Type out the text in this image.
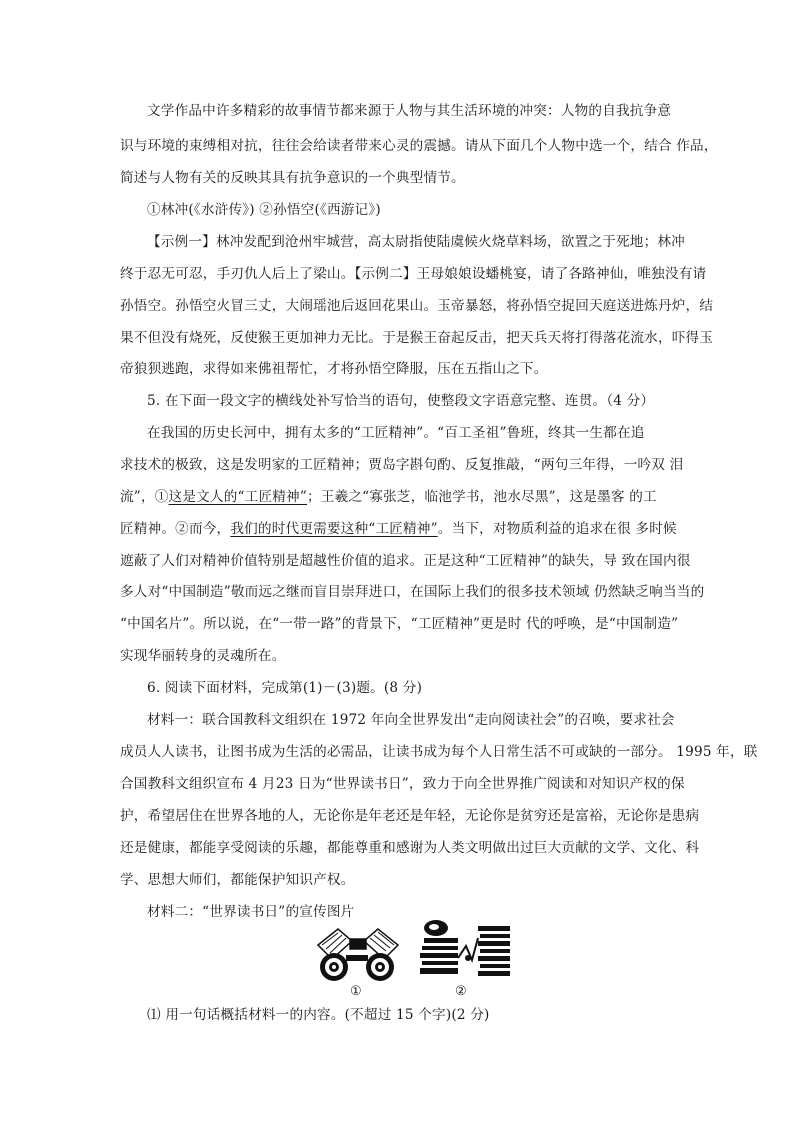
文学作品中许多精彩的故事情节都来源于人物与其生活环境的冲突：人物的自我抗争意
识与环境的束缚相对抗，往往会给读者带来心灵的震撼。请从下面几个人物中选一个，结合 作品，
简述与人物有关的反映其具有抗争意识的一个典型情节。
①林冲(《水浒传》) ②孙悟空(《西游记》)
【示例一】林冲发配到沧州牢城营，高太尉指使陆虞候火烧草料场，欲置之于死地；林冲
终于忍无可忍，手刃仇人后上了梁山。【示例二】王母娘娘设蟠桃宴，请了各路神仙，唯独没有请
孙悟空。孙悟空火冒三丈，大闹瑶池后返回花果山。玉帝暴怒，将孙悟空捉回天庭送进炼丹炉，结
果不但没有烧死，反使猴王更加神力无比。于是猴王奋起反击，把天兵天将打得落花流水，吓得玉
帝狼狈逃跑，求得如来佛祖帮忙，才将孙悟空降服，压在五指山之下。
5. 在下面一段文字的横线处补写恰当的语句，使整段文字语意完整、连贯。（4 分）
在我国的历史长河中，拥有太多的“工匠精神”。“百工圣祖”鲁班，终其一生都在追
求技术的极致，这是发明家的工匠精神；贾岛字斟句酌、反复推敲，“两句三年得，一吟双 泪
流”，①这是文人的“工匠精神”；王羲之“寡张芝，临池学书，池水尽黑”，这是墨客 的工
匠精神。②而今，我们的时代更需要这种“工匠精神”。当下，对物质利益的追求在很 多时候
遮蔽了人们对精神价值特别是超越性价值的追求。正是这种“工匠精神”的缺失，导 致在国内很
多人对“中国制造”敬而远之继而盲目崇拜进口，在国际上我们的很多技术领域 仍然缺乏响当当的
“中国名片”。所以说，在“一带一路”的背景下，“工匠精神”更是时 代的呼唤，是“中国制造”
实现华丽转身的灵魂所在。
6. 阅读下面材料，完成第(1)－(3)题。(8 分)
材料一：联合国教科文组织在 1972 年向全世界发出“走向阅读社会”的召唤，要求社会
成员人人读书，让图书成为生活的必需品，让读书成为每个人日常生活不可或缺的一部分。 1995 年，联
合国教科文组织宣布 4 月23 日为“世界读书日”，致力于向全世界推广阅读和对知识产权的保
护，希望居住在世界各地的人，无论你是年老还是年轻，无论你是贫穷还是富裕，无论你是患病
还是健康，都能享受阅读的乐趣，都能尊重和感谢为人类文明做出过巨大贡献的文学、文化、科
学、思想大师们，都能保护知识产权。
材料二：“世界读书日”的宣传图片
①	②
⑴ 用一句话概括材料一的内容。(不超过 15 个字)(2 分)
